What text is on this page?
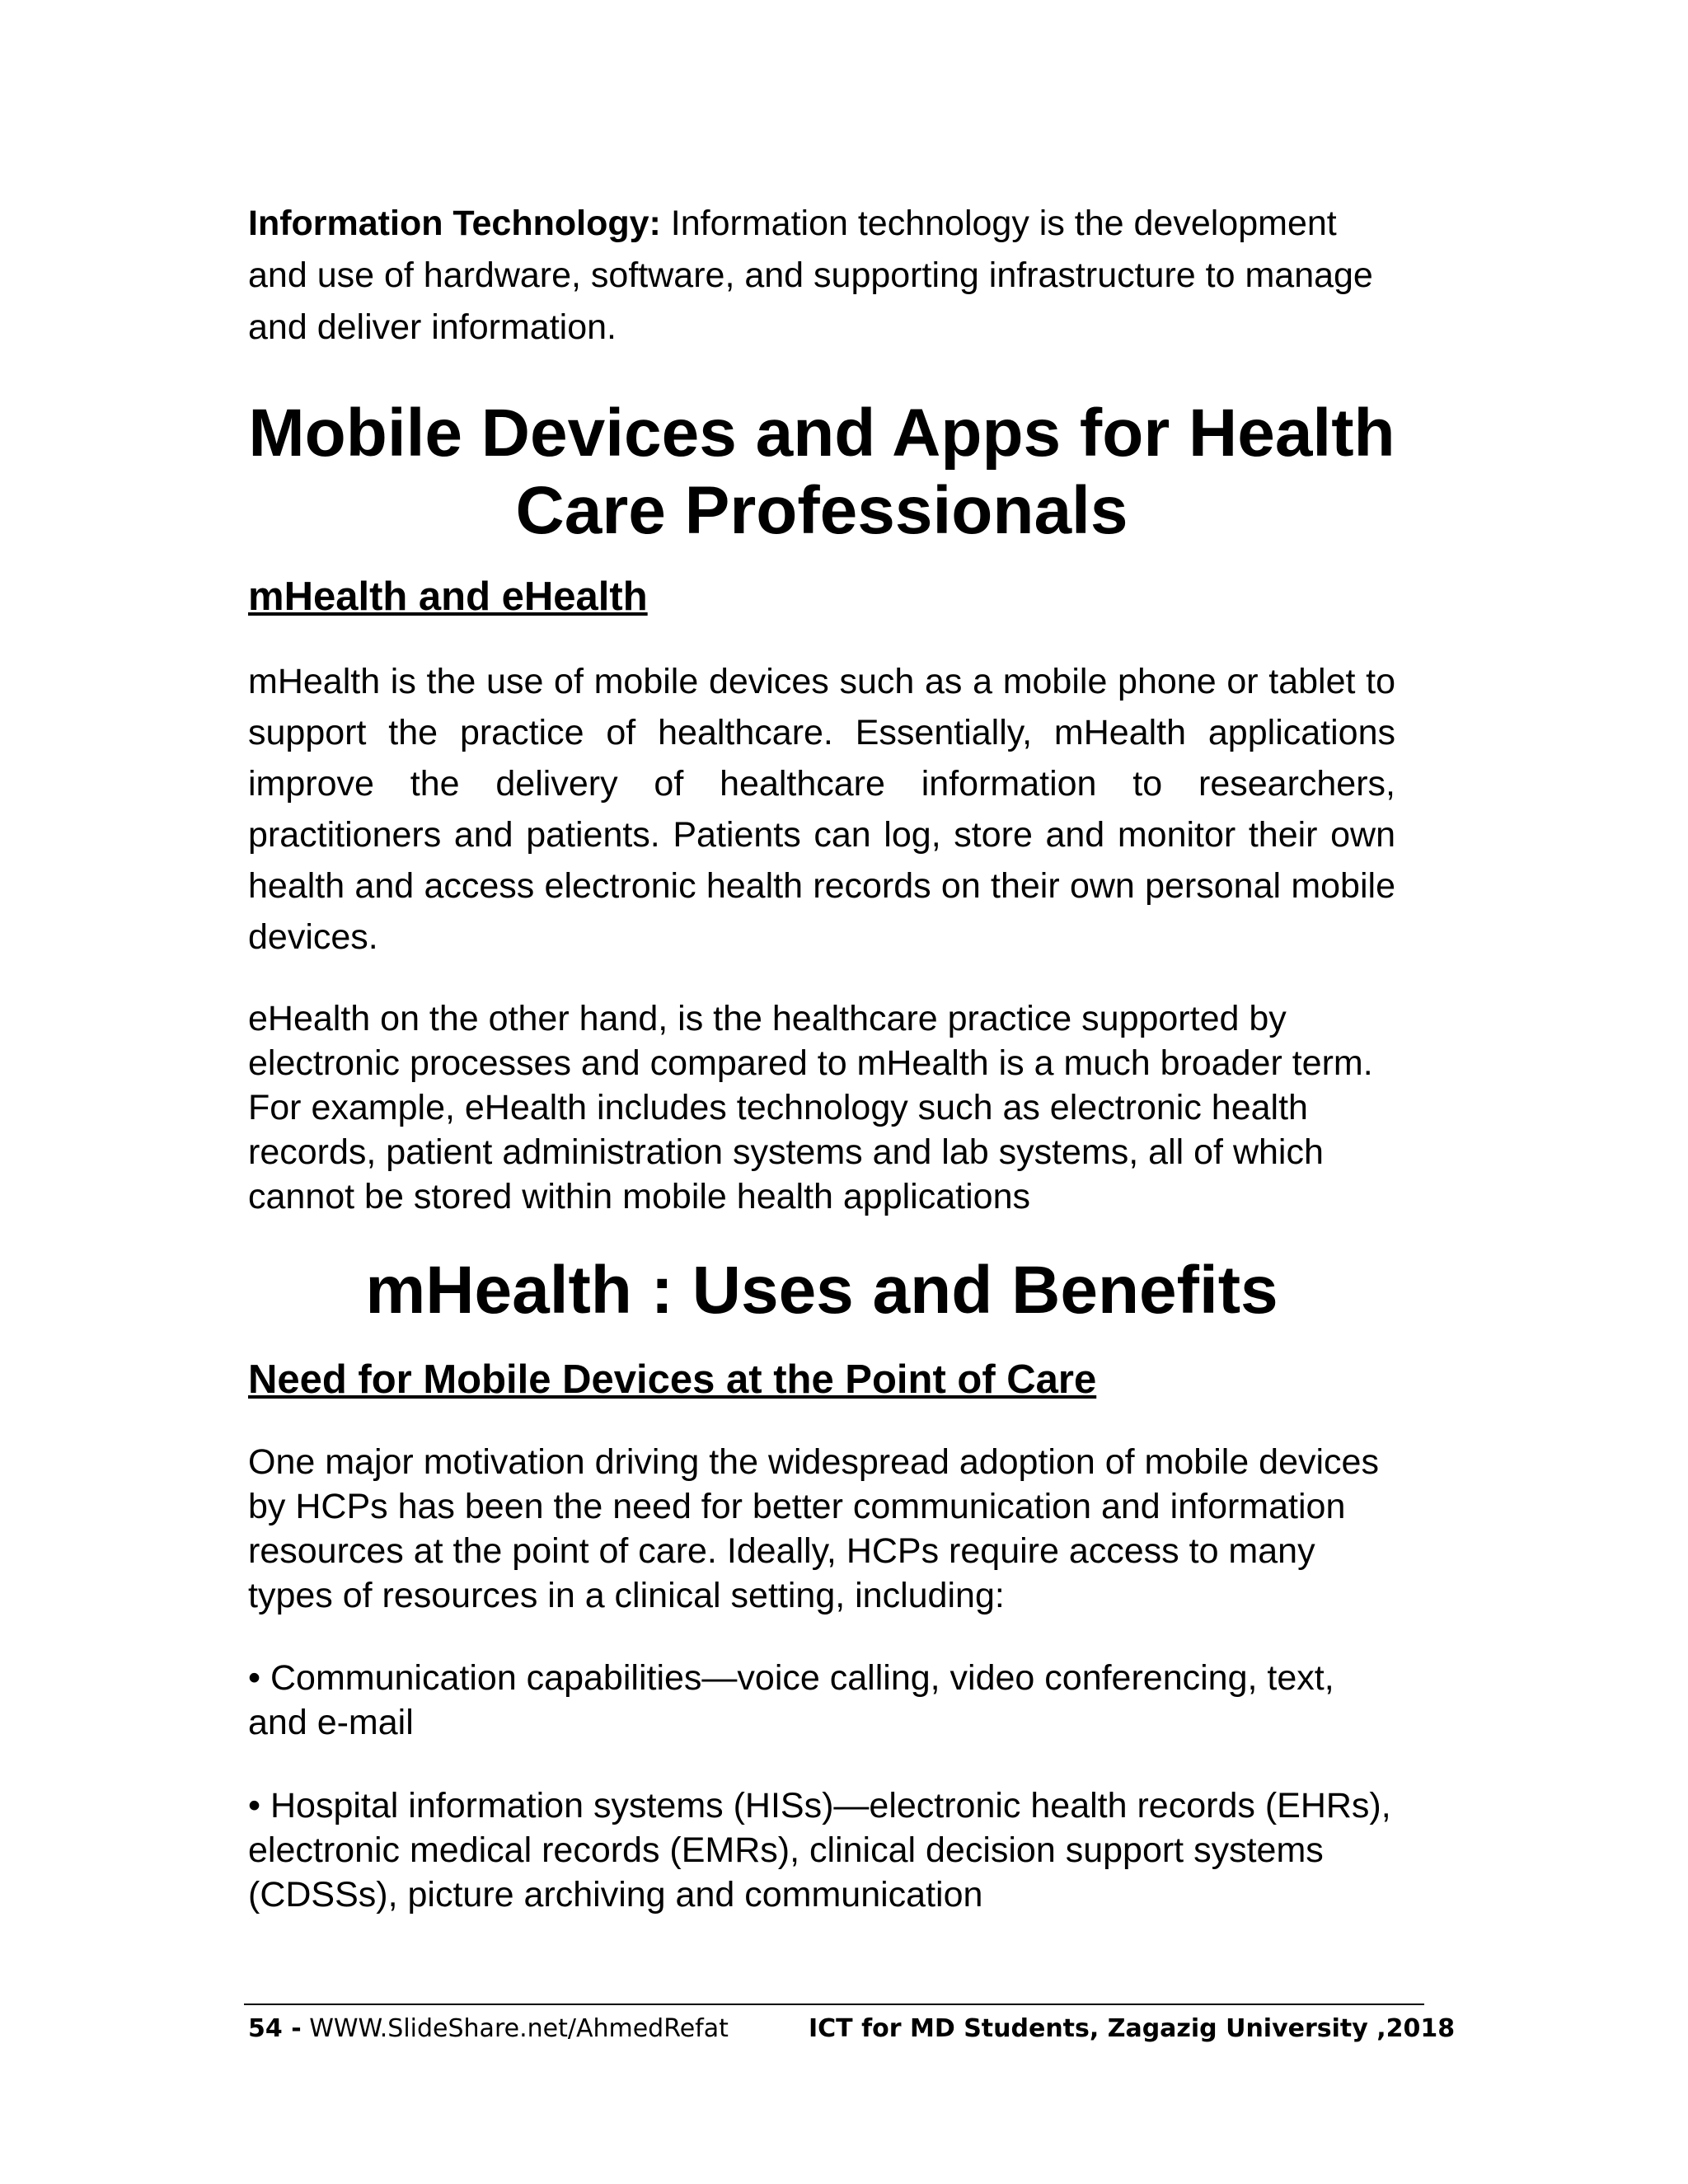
Information Technology: Information technology is the development and use of hardware, software, and supporting infrastructure to manage and deliver information.

Mobile Devices and Apps for Health Care Professionals
mHealth and eHealth

mHealth is the use of mobile devices such as a mobile phone or tablet to support the practice of healthcare. Essentially, mHealth applications improve the delivery of healthcare information to researchers, practitioners and patients. Patients can log, store and monitor their own health and access electronic health records on their own personal mobile devices.

eHealth on the other hand, is the healthcare practice supported by electronic processes and compared to mHealth is a much broader term. For example, eHealth includes technology such as electronic health records, patient administration systems and lab systems, all of which cannot be stored within mobile health applications

mHealth : Uses and Benefits
Need for Mobile Devices at the Point of Care

One major motivation driving the widespread adoption of mobile devices by HCPs has been the need for better communication and information resources at the point of care. Ideally, HCPs require access to many types of resources in a clinical setting, including:

• Communication capabilities—voice calling, video conferencing, text, and e-mail

• Hospital information systems (HISs)—electronic health records (EHRs), electronic medical records (EMRs), clinical decision support systems (CDSSs), picture archiving and communication

54 - WWW.SlideShare.net/AhmedRefat	ICT for MD Students, Zagazig University ,2018
